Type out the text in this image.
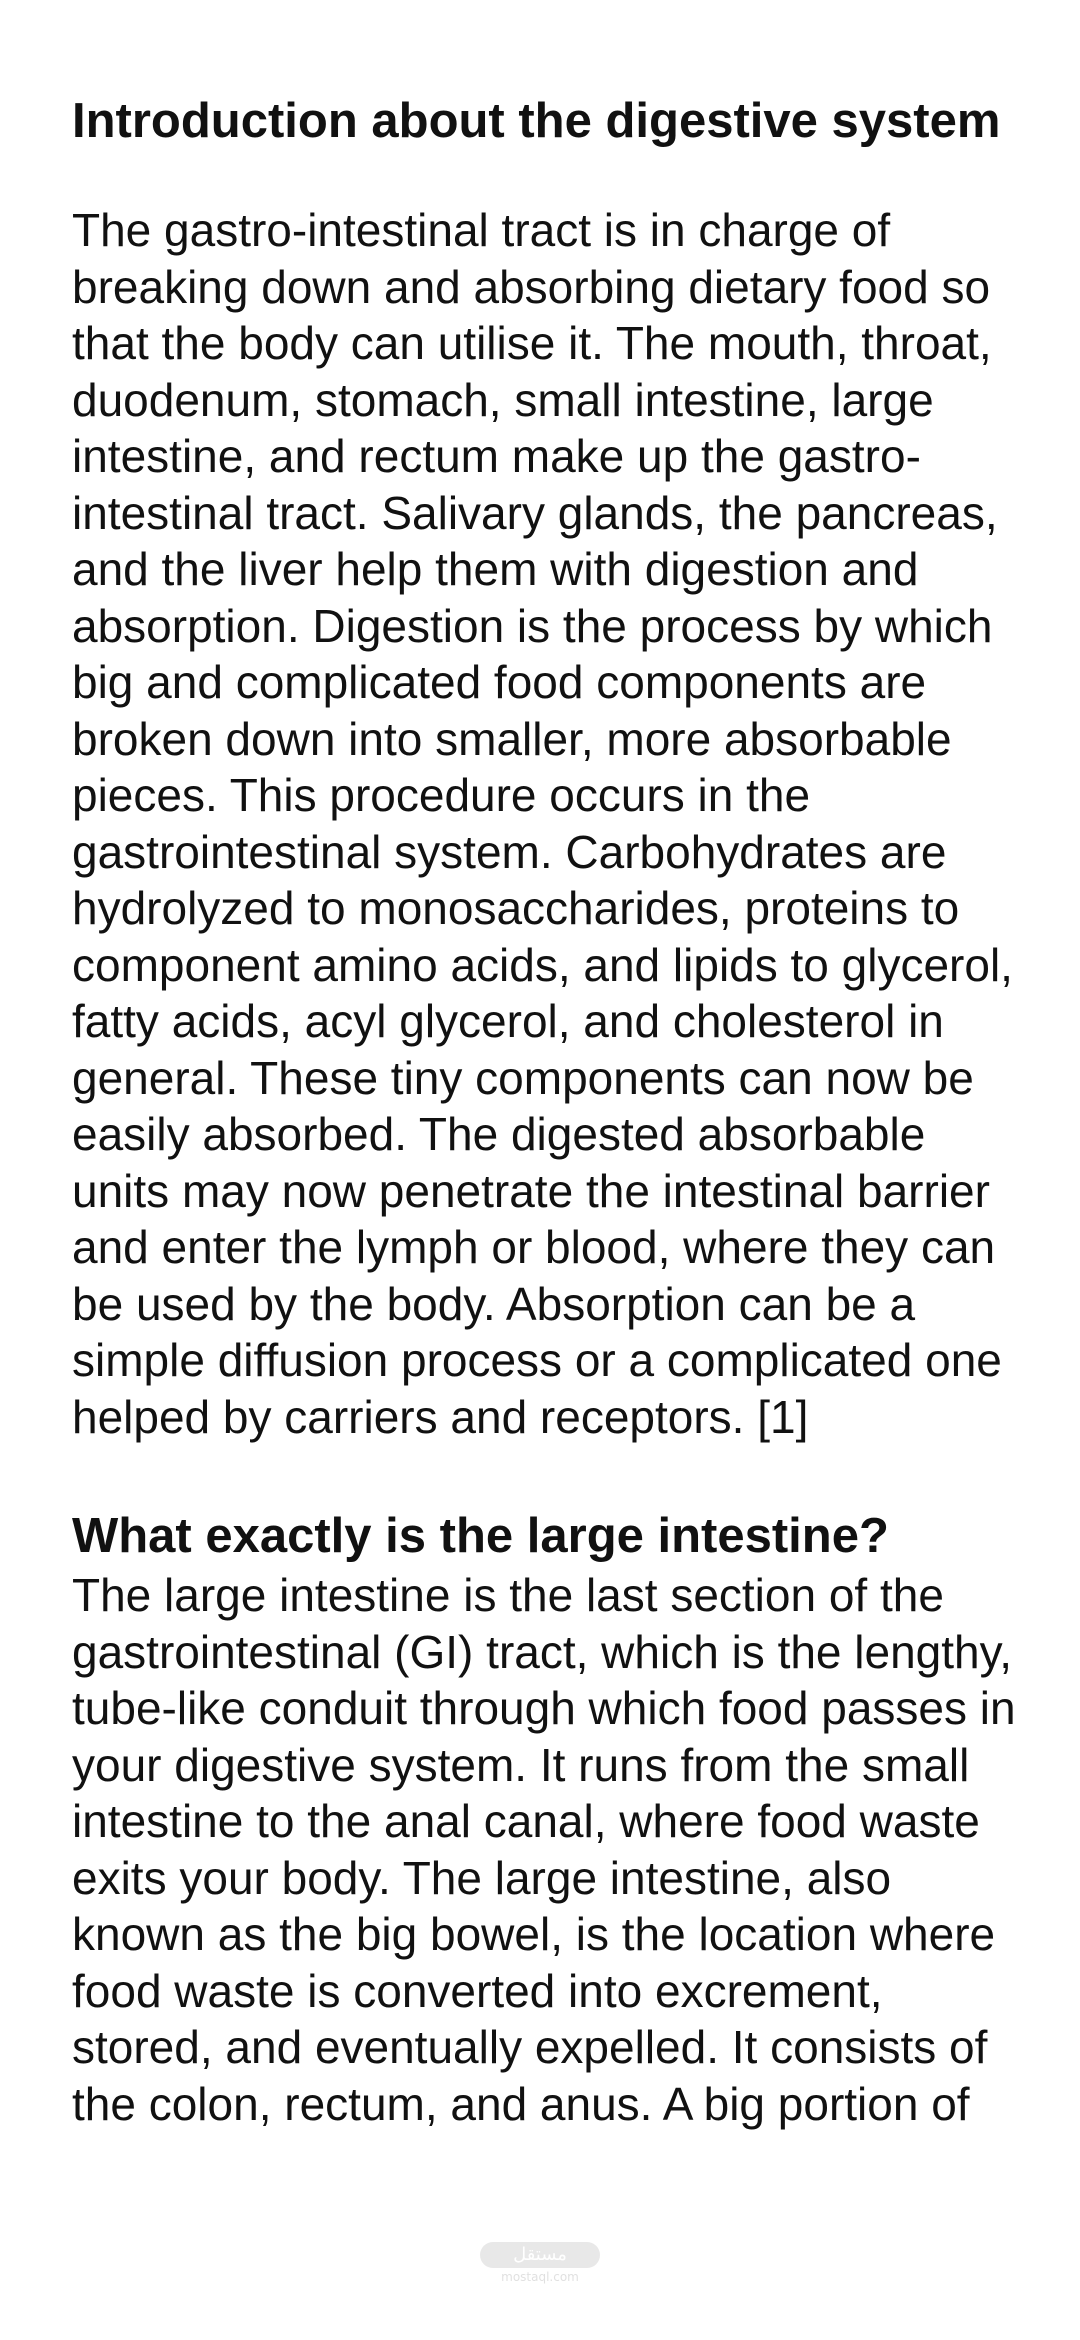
Introduction about the digestive system

The gastro-intestinal tract is in charge of breaking down and absorbing dietary food so that the body can utilise it. The mouth, throat, duodenum, stomach, small intestine, large intestine, and rectum make up the gastro-intestinal tract. Salivary glands, the pancreas, and the liver help them with digestion and absorption. Digestion is the process by which big and complicated food components are broken down into smaller, more absorbable pieces. This procedure occurs in the gastrointestinal system. Carbohydrates are hydrolyzed to monosaccharides, proteins to component amino acids, and lipids to glycerol, fatty acids, acyl glycerol, and cholesterol in general. These tiny components can now be easily absorbed. The digested absorbable units may now penetrate the intestinal barrier and enter the lymph or blood, where they can be used by the body. Absorption can be a simple diffusion process or a complicated one helped by carriers and receptors. [1]

What exactly is the large intestine?

The large intestine is the last section of the gastrointestinal (GI) tract, which is the lengthy, tube-like conduit through which food passes in your digestive system. It runs from the small intestine to the anal canal, where food waste exits your body. The large intestine, also known as the big bowel, is the location where food waste is converted into excrement, stored, and eventually expelled. It consists of the colon, rectum, and anus. A big portion of

مستقل
mostaql.com
